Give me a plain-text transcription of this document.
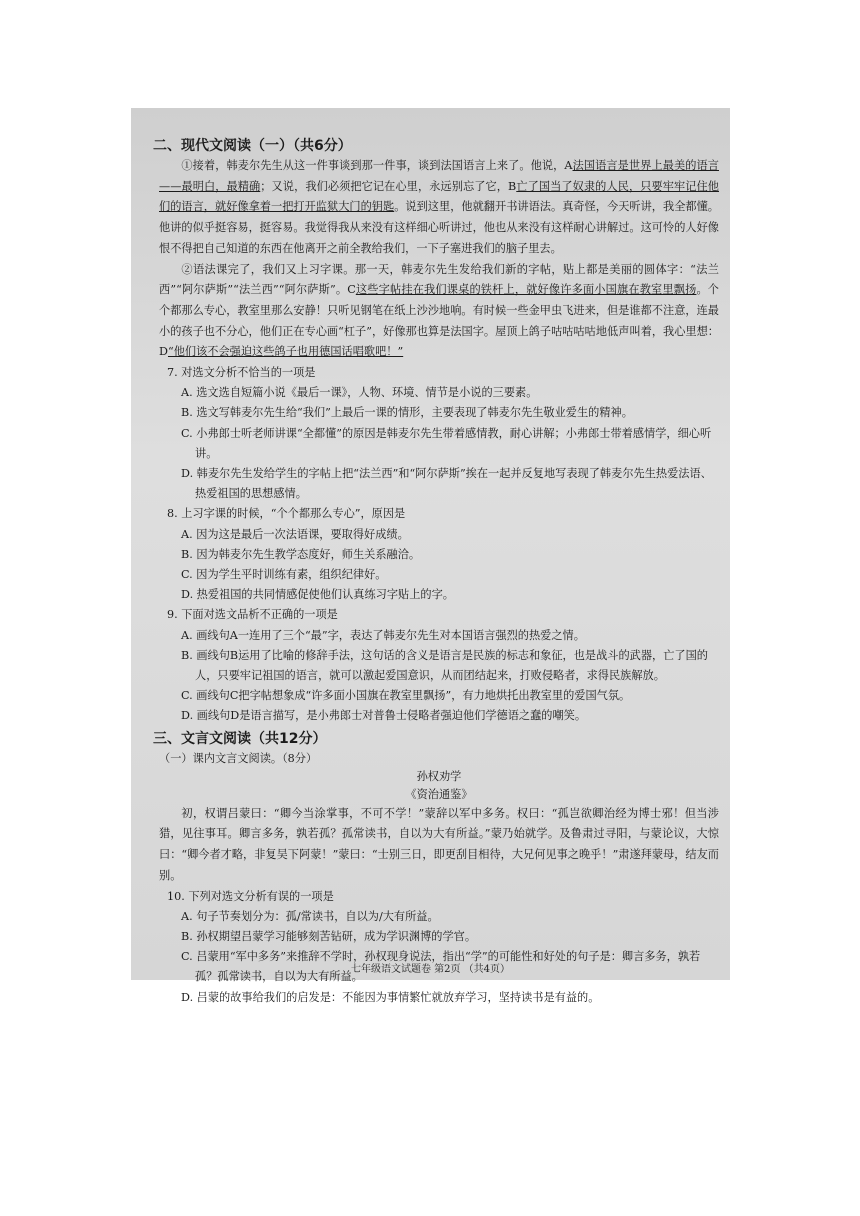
二、现代文阅读（一）（共6分）
①接着，韩麦尔先生从这一件事谈到那一件事，谈到法国语言上来了。他说，A法国语言是世界上最美的语言——最明白，最精确；又说，我们必须把它记在心里，永远别忘了它，B亡了国当了奴隶的人民，只要牢牢记住他们的语言，就好像拿着一把打开监狱大门的钥匙。说到这里，他就翻开书讲语法。真奇怪，今天听讲，我全都懂。他讲的似乎挺容易，挺容易。我觉得我从来没有这样细心听讲过，他也从来没有这样耐心讲解过。这可怜的人好像恨不得把自己知道的东西在他离开之前全教给我们，一下子塞进我们的脑子里去。
②语法课完了，我们又上习字课。那一天，韩麦尔先生发给我们新的字帖，贴上都是美丽的圆体字：“法兰西”“阿尔萨斯”“法兰西”“阿尔萨斯”。C这些字帖挂在我们课桌的铁杆上，就好像许多面小国旗在教室里飘扬。个个都那么专心，教室里那么安静！只听见钢笔在纸上沙沙地响。有时候一些金甲虫飞进来，但是谁都不注意，连最小的孩子也不分心，他们正在专心画“杠子”，好像那也算是法国字。屋顶上鸽子咕咕咕咕地低声叫着，我心里想：D“他们该不会强迫这些鸽子也用德国话唱歌吧！”
7. 对选文分析不恰当的一项是
A. 选文选自短篇小说《最后一课》，人物、环境、情节是小说的三要素。
B. 选文写韩麦尔先生给“我们”上最后一课的情形，主要表现了韩麦尔先生敬业爱生的精神。
C. 小弗郎士听老师讲课“全都懂”的原因是韩麦尔先生带着感情教，耐心讲解；小弗郎士带着感情学，细心听讲。
D. 韩麦尔先生发给学生的字帖上把“法兰西”和“阿尔萨斯”挨在一起并反复地写表现了韩麦尔先生热爱法语、热爱祖国的思想感情。
8. 上习字课的时候，“个个都那么专心”，原因是
A. 因为这是最后一次法语课，要取得好成绩。
B. 因为韩麦尔先生教学态度好，师生关系融洽。
C. 因为学生平时训练有素，组织纪律好。
D. 热爱祖国的共同情感促使他们认真练习字贴上的字。
9. 下面对选文品析不正确的一项是
A. 画线句A一连用了三个“最”字，表达了韩麦尔先生对本国语言强烈的热爱之情。
B. 画线句B运用了比喻的修辞手法，这句话的含义是语言是民族的标志和象征，也是战斗的武器，亡了国的人，只要牢记祖国的语言，就可以激起爱国意识，从而团结起来，打败侵略者，求得民族解放。
C. 画线句C把字帖想象成“许多面小国旗在教室里飘扬”，有力地烘托出教室里的爱国气氛。
D. 画线句D是语言描写，是小弗郎士对普鲁士侵略者强迫他们学德语之蠢的嘲笑。
三、文言文阅读（共12分）
（一）课内文言文阅读。（8分）
孙权劝学
《资治通鉴》
初，权谓吕蒙曰：“卿今当涂掌事，不可不学！”蒙辞以军中多务。权曰：“孤岂欲卿治经为博士邪！但当涉猎，见往事耳。卿言多务，孰若孤？孤常读书，自以为大有所益。”蒙乃始就学。及鲁肃过寻阳，与蒙论议，大惊曰：“卿今者才略，非复吴下阿蒙！”蒙曰：“士别三日，即更刮目相待，大兄何见事之晚乎！”肃遂拜蒙母，结友而别。
10. 下列对选文分析有误的一项是
A. 句子节奏划分为：孤/常读书，自以为/大有所益。
B. 孙权期望吕蒙学习能够刻苦钻研，成为学识渊博的学官。
C. 吕蒙用“军中多务”来推辞不学时，孙权现身说法，指出“学”的可能性和好处的句子是：卿言多务，孰若孤？孤常读书，自以为大有所益。
D. 吕蒙的故事给我们的启发是：不能因为事情繁忙就放弃学习，坚持读书是有益的。
七年级语文试题卷 第2页 （共4页）
